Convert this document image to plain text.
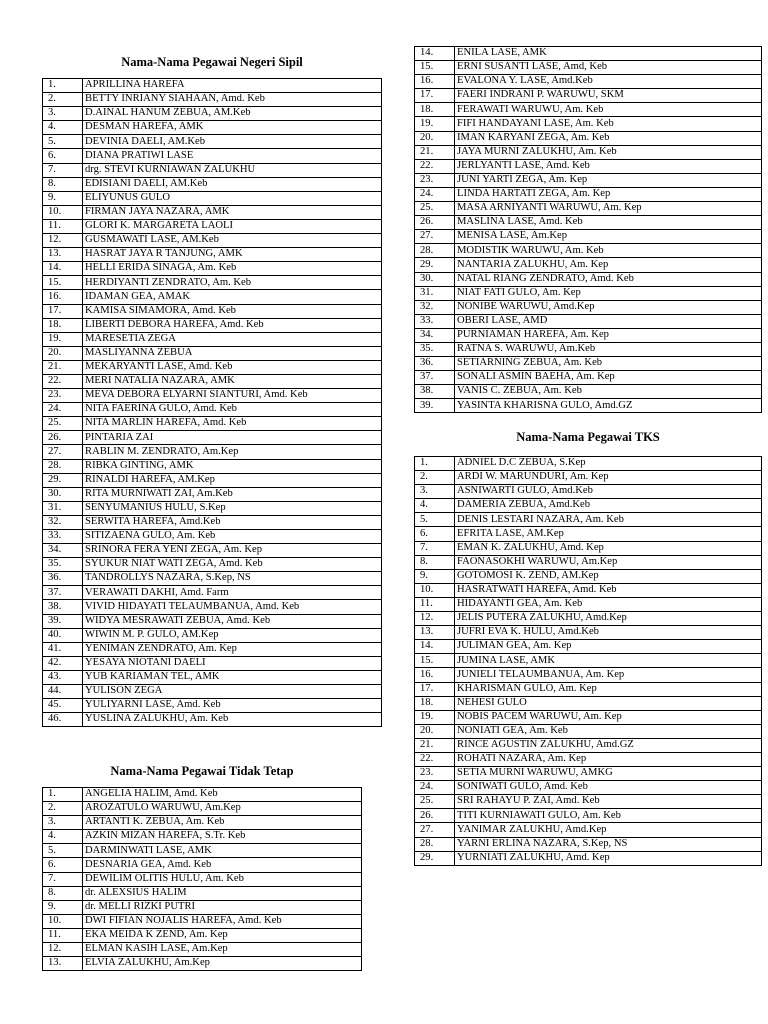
Nama-Nama Pegawai Negeri Sipil
1.	APRILLINA HAREFA
2.	BETTY INRIANY SIAHAAN, Amd. Keb
3.	D.AINAL HANUM ZEBUA, AM.Keb
4.	DESMAN HAREFA, AMK
5.	DEVINIA DAELI, AM.Keb
6.	DIANA PRATIWI LASE
7.	drg. STEVI KURNIAWAN ZALUKHU
8.	EDISIANI DAELI, AM.Keb
9.	ELIYUNUS GULO
10.	FIRMAN JAYA NAZARA, AMK
11.	GLORI K. MARGARETA LAOLI
12.	GUSMAWATI LASE, AM.Keb
13.	HASRAT JAYA R TANJUNG, AMK
14.	HELLI ERIDA SINAGA, Am. Keb
15.	HERDIYANTI ZENDRATO, Am. Keb
16.	IDAMAN GEA, AMAK
17.	KAMISA SIMAMORA, Amd. Keb
18.	LIBERTI DEBORA HAREFA, Amd. Keb
19.	MARESETIA ZEGA
20.	MASLIYANNA ZEBUA
21.	MEKARYANTI LASE, Amd. Keb
22.	MERI NATALIA NAZARA, AMK
23.	MEVA DEBORA ELYARNI SIANTURI, Amd. Keb
24.	NITA FAERINA GULO, Amd. Keb
25.	NITA MARLIN HAREFA, Amd. Keb
26.	PINTARIA ZAI
27.	RABLIN M. ZENDRATO, Am.Kep
28.	RIBKA GINTING, AMK
29.	RINALDI HAREFA, AM.Kep
30.	RITA MURNIWATI ZAI, Am.Keb
31.	SENYUMANIUS HULU, S.Kep
32.	SERWITA HAREFA, Amd.Keb
33.	SITIZAENA GULO, Am. Keb
34.	SRINORA FERA YENI ZEGA, Am. Kep
35.	SYUKUR NIAT WATI ZEGA, Amd. Keb
36.	TANDROLLYS NAZARA, S.Kep, NS
37.	VERAWATI DAKHI, Amd. Farm
38.	VIVID HIDAYATI TELAUMBANUA, Amd. Keb
39.	WIDYA MESRAWATI ZEBUA, Amd. Keb
40.	WIWIN M. P. GULO, AM.Kep
41.	YENIMAN ZENDRATO, Am. Kep
42.	YESAYA NIOTANI DAELI
43.	YUB KARIAMAN TEL, AMK
44.	YULISON ZEGA
45.	YULIYARNI LASE, Amd. Keb
46.	YUSLINA ZALUKHU, Am. Keb
Nama-Nama Pegawai Tidak Tetap
1.	ANGELIA HALIM, Amd. Keb
2.	AROZATULO WARUWU, Am.Kep
3.	ARTANTI K. ZEBUA, Am. Keb
4.	AZKIN MIZAN HAREFA, S.Tr. Keb
5.	DARMINWATI LASE, AMK
6.	DESNARIA GEA, Amd. Keb
7.	DEWILIM OLITIS HULU, Am. Keb
8.	dr. ALEXSIUS HALIM
9.	dr. MELLI RIZKI PUTRI
10.	DWI FIFIAN NOJALIS HAREFA, Amd. Keb
11.	EKA MEIDA K ZEND, Am. Kep
12.	ELMAN KASIH LASE, Am.Kep
13.	ELVIA ZALUKHU, Am.Kep
14.	ENILA LASE, AMK
15.	ERNI SUSANTI LASE, Amd, Keb
16.	EVALONA Y. LASE, Amd.Keb
17.	FAERI INDRANI P. WARUWU, SKM
18.	FERAWATI WARUWU, Am. Keb
19.	FIFI HANDAYANI LASE, Am. Keb
20.	IMAN KARYANI ZEGA, Am. Keb
21.	JAYA MURNI ZALUKHU, Am. Keb
22.	JERLYANTI LASE, Amd. Keb
23.	JUNI YARTI ZEGA, Am. Kep
24.	LINDA HARTATI ZEGA, Am. Kep
25.	MASA ARNIYANTI WARUWU, Am. Kep
26.	MASLINA LASE, Amd. Keb
27.	MENISA LASE, Am.Kep
28.	MODISTIK WARUWU, Am. Keb
29.	NANTARIA ZALUKHU, Am. Kep
30.	NATAL RIANG ZENDRATO, Amd. Keb
31.	NIAT FATI GULO, Am. Kep
32.	NONIBE WARUWU, Amd.Kep
33.	OBERI LASE, AMD
34.	PURNIAMAN HAREFA, Am. Kep
35.	RATNA S. WARUWU, Am.Keb
36.	SETIARNING ZEBUA, Am. Keb
37.	SONALI ASMIN BAEHA, Am. Kep
38.	VANIS C. ZEBUA, Am. Keb
39.	YASINTA KHARISNA GULO, Amd.GZ
Nama-Nama Pegawai TKS
1.	ADNIEL D.C ZEBUA, S.Kep
2.	ARDI W. MARUNDURI, Am. Kep
3.	ASNIWARTI GULO, Amd.Keb
4.	DAMERIA ZEBUA, Amd.Keb
5.	DENIS LESTARI NAZARA, Am. Keb
6.	EFRITA LASE, AM.Kep
7.	EMAN K. ZALUKHU, Amd. Kep
8.	FAONASOKHI WARUWU, Am.Kep
9.	GOTOMOSI K. ZEND, AM.Kep
10.	HASRATWATI HAREFA, Amd. Keb
11.	HIDAYANTI GEA, Am. Keb
12.	JELIS PUTERA ZALUKHU, Amd.Kep
13.	JUFRI EVA K. HULU, Amd.Keb
14.	JULIMAN GEA, Am. Kep
15.	JUMINA LASE, AMK
16.	JUNIELI TELAUMBANUA, Am. Kep
17.	KHARISMAN GULO, Am. Kep
18.	NEHESI GULO
19.	NOBIS PACEM WARUWU, Am. Kep
20.	NONIATI GEA, Am. Keb
21.	RINCE AGUSTIN ZALUKHU, Amd.GZ
22.	ROHATI NAZARA, Am. Kep
23.	SETIA MURNI WARUWU, AMKG
24.	SONIWATI GULO, Amd. Keb
25.	SRI RAHAYU P. ZAI, Amd. Keb
26.	TITI KURNIAWATI GULO, Am. Keb
27.	YANIMAR ZALUKHU, Amd.Kep
28.	YARNI ERLINA NAZARA, S.Kep, NS
29.	YURNIATI ZALUKHU, Amd. Kep
